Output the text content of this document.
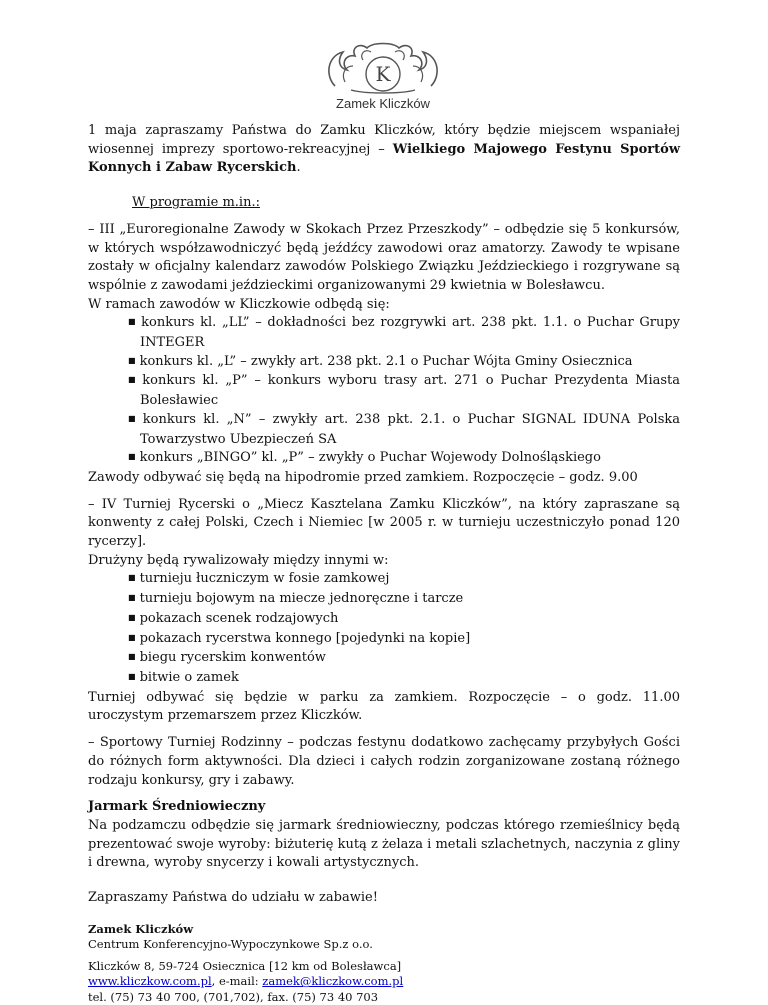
K
Zamek Kliczków

1 maja zapraszamy Państwa do Zamku Kliczków, który będzie miejscem wspaniałej wiosennej imprezy sportowo-rekreacyjnej – Wielkiego Majowego Festynu Sportów Konnych i Zabaw Rycerskich.

W programie m.in.:

– III „Euroregionalne Zawody w Skokach Przez Przeszkody” – odbędzie się 5 konkursów, w których współzawodniczyć będą jeźdźcy zawodowi oraz amatorzy. Zawody te wpisane zostały w oficjalny kalendarz zawodów Polskiego Związku Jeździeckiego i rozgrywane są wspólnie z zawodami jeździeckimi organizowanymi 29 kwietnia w Bolesławcu.

W ramach zawodów w Kliczkowie odbędą się:

■ konkurs kl. „LL” – dokładności bez rozgrywki art. 238 pkt. 1.1. o Puchar Grupy INTEGER
■ konkurs kl. „L” – zwykły art. 238 pkt. 2.1 o Puchar Wójta Gminy Osiecznica
■ konkurs kl. „P” – konkurs wyboru trasy art. 271 o Puchar Prezydenta Miasta Bolesławiec
■ konkurs kl. „N” – zwykły art. 238 pkt. 2.1. o Puchar SIGNAL IDUNA Polska Towarzystwo Ubezpieczeń SA
■ konkurs „BINGO” kl. „P” – zwykły o Puchar Wojewody Dolnośląskiego

Zawody odbywać się będą na hipodromie przed zamkiem. Rozpoczęcie – godz. 9.00

– IV Turniej Rycerski o „Miecz Kasztelana Zamku Kliczków”, na który zapraszane są konwenty z całej Polski, Czech i Niemiec [w 2005 r. w turnieju uczestniczyło ponad 120 rycerzy].

Drużyny będą rywalizowały między innymi w:

■ turnieju łuczniczym w fosie zamkowej
■ turnieju bojowym na miecze jednoręczne i tarcze
■ pokazach scenek rodzajowych
■ pokazach rycerstwa konnego [pojedynki na kopie]
■ biegu rycerskim konwentów
■ bitwie o zamek

Turniej odbywać się będzie w parku za zamkiem. Rozpoczęcie – o godz. 11.00 uroczystym przemarszem przez Kliczków.

– Sportowy Turniej Rodzinny – podczas festynu dodatkowo zachęcamy przybyłych Gości do różnych form aktywności. Dla dzieci i całych rodzin zorganizowane zostaną różnego rodzaju konkursy, gry i zabawy.

Jarmark Średniowieczny

Na podzamczu odbędzie się jarmark średniowieczny, podczas którego rzemieślnicy będą prezentować swoje wyroby: biżuterię kutą z żelaza i metali szlachetnych, naczynia z gliny i drewna, wyroby snycerzy i kowali artystycznych.

Zapraszamy Państwa do udziału w zabawie!

Zamek Kliczków

Centrum Konferencyjno-Wypoczynkowe Sp.z o.o.

Kliczków 8, 59-724 Osiecznica [12 km od Bolesławca]

www.kliczkow.com.pl, e-mail: zamek@kliczkow.com.pl

tel. (75) 73 40 700, (701,702), fax. (75) 73 40 703
